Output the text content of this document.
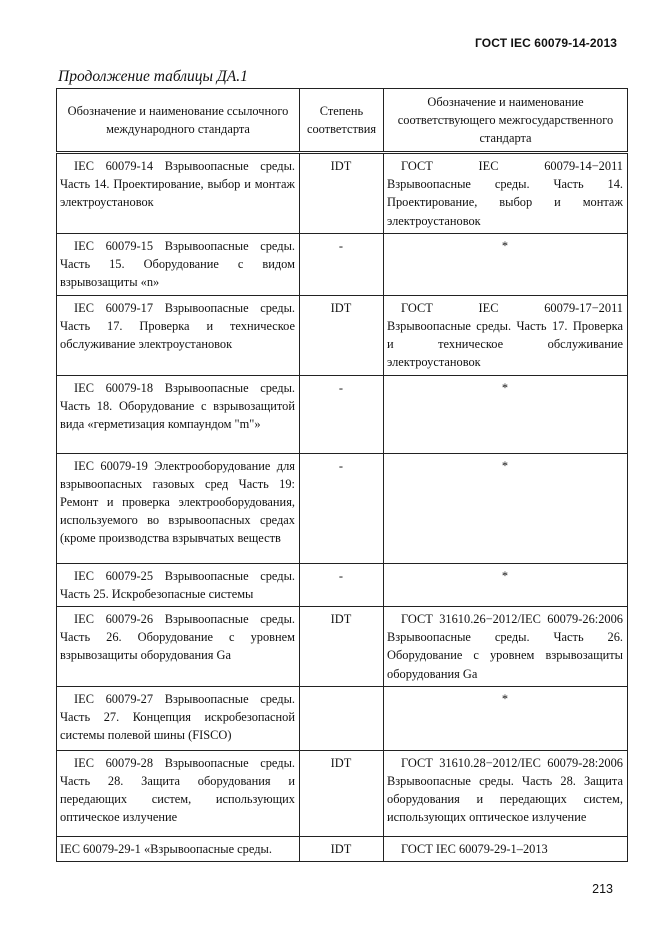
ГОСТ IEC 60079-14-2013
Продолжение таблицы ДА.1
Обозначение и наименование ссылочного международного стандарта	Степень соответствия	Обозначение и наименование соответствующего межгосударственного стандарта
IEC 60079-14 Взрывоопасные среды. Часть 14. Проектирование, выбор и монтаж электроустановок	IDT	ГОСТ IEC 60079-14−2011 Взрывоопасные среды. Часть 14. Проектирование, выбор и монтаж электроустановок
IEC 60079-15 Взрывоопасные среды. Часть 15. Оборудование с видом взрывозащиты «n»	-	*
IEC 60079-17 Взрывоопасные среды. Часть 17. Проверка и техническое обслуживание электроустановок	IDT	ГОСТ IEC 60079-17−2011 Взрывоопасные среды. Часть 17. Проверка и техническое обслуживание электроустановок
IEC 60079-18 Взрывоопасные среды. Часть 18. Оборудование с взрывозащитой вида «герметизация компаундом "m"»	-	*
IEC 60079-19 Электрооборудование для взрывоопасных газовых сред Часть 19: Ремонт и проверка электрооборудования, используемого во взрывоопасных средах (кроме производства взрывчатых веществ	-	*
IEC 60079-25 Взрывоопасные среды. Часть 25. Искробезопасные системы	-	*
IEC 60079-26 Взрывоопасные среды. Часть 26. Оборудование с уровнем взрывозащиты оборудования Ga	IDT	ГОСТ 31610.26−2012/IEC 60079-26:2006 Взрывоопасные среды. Часть 26. Оборудование с уровнем взрывозащиты оборудования Ga
IEC 60079-27 Взрывоопасные среды. Часть 27. Концепция искробезопасной системы полевой шины (FISCO)		*
IEC 60079-28 Взрывоопасные среды. Часть 28. Защита оборудования и передающих систем, использующих оптическое излучение	IDT	ГОСТ 31610.28−2012/IEC 60079-28:2006 Взрывоопасные среды. Часть 28. Защита оборудования и передающих систем, использующих оптическое излучение
IEC 60079-29-1 «Взрывоопасные среды.	IDT	ГОСТ IEC 60079-29-1–2013
213
